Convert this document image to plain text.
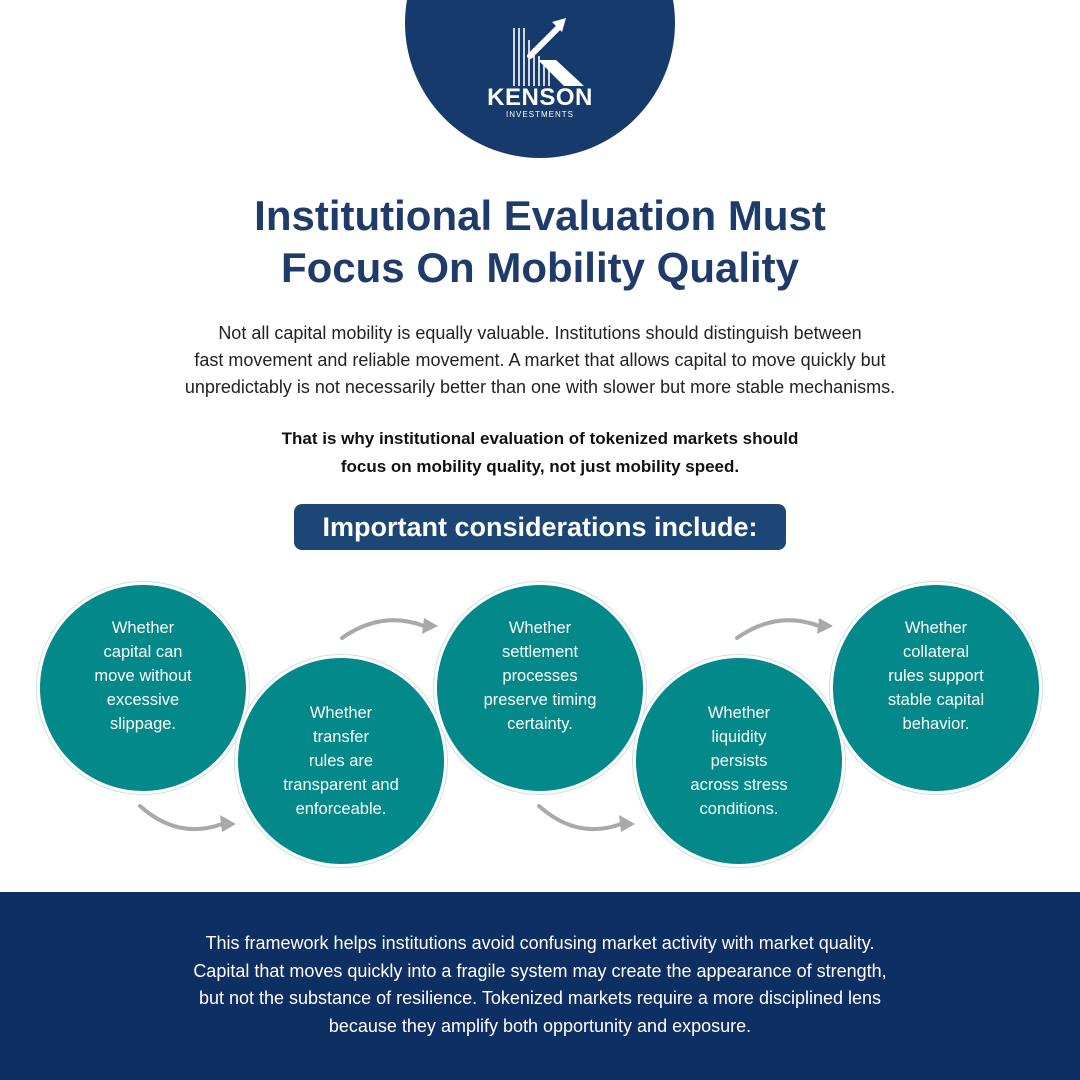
KENSON
INVESTMENTS
Institutional Evaluation Must
Focus On Mobility Quality

Not all capital mobility is equally valuable. Institutions should distinguish between
fast movement and reliable movement. A market that allows capital to move quickly but
unpredictably is not necessarily better than one with slower but more stable mechanisms.

That is why institutional evaluation of tokenized markets should
focus on mobility quality, not just mobility speed.

Important considerations include:
Whether
capital can
move without
excessive
slippage.
Whether
transfer
rules are
transparent and
enforceable.
Whether
settlement
processes
preserve timing
certainty.
Whether
liquidity
persists
across stress
conditions.
Whether
collateral
rules support
stable capital
behavior.

This framework helps institutions avoid confusing market activity with market quality.
Capital that moves quickly into a fragile system may create the appearance of strength,
but not the substance of resilience. Tokenized markets require a more disciplined lens
because they amplify both opportunity and exposure.
